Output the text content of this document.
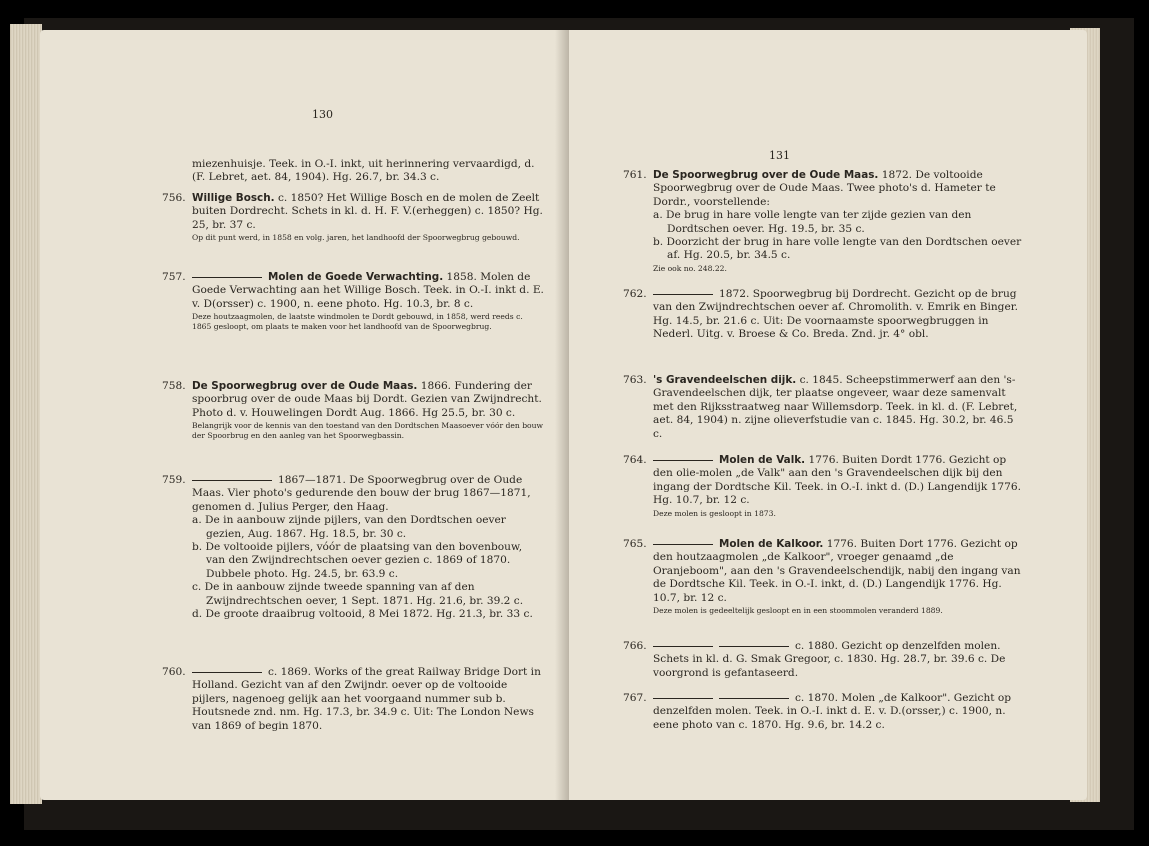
130
miezenhuisje. Teek. in O.-I. inkt, uit herinnering vervaardigd, d. (F. Lebret, aet. 84, 1904). Hg. 26.7, br. 34.3 c.
756. Willige Bosch. c. 1850? Het Willige Bosch en de molen de Zeelt buiten Dordrecht. Schets in kl. d. H. F. V.(erheggen) c. 1850? Hg. 25, br. 37 c.
Op dit punt werd, in 1858 en volg. jaren, het landhoofd der Spoorwegbrug gebouwd.
757.	Molen de Goede Verwachting. 1858. Molen de Goede Verwachting aan het Willige Bosch. Teek. in O.-I. inkt d. E. v. D(orsser) c. 1900, n. eene photo. Hg. 10.3, br. 8 c.
Deze houtzaagmolen, de laatste windmolen te Dordt gebouwd, in 1858, werd reeds c. 1865 gesloopt, om plaats te maken voor het landhoofd van de Spoorwegbrug.
758. De Spoorwegbrug over de Oude Maas. 1866. Fundering der spoorbrug over de oude Maas bij Dordt. Gezien van Zwijndrecht. Photo d. v. Houwelingen Dordt Aug. 1866. Hg 25.5, br. 30 c.
Belangrijk voor de kennis van den toestand van den Dordtschen Maasoever vóór den bouw der Spoorbrug en den aanleg van het Spoorwegbassin.
759.	1867—1871. De Spoorwegbrug over de Oude Maas. Vier photo's gedurende den bouw der brug 1867—1871, genomen d. Julius Perger, den Haag.
a. De in aanbouw zijnde pijlers, van den Dordtschen oever gezien, Aug. 1867. Hg. 18.5, br. 30 c.
b. De voltooide pijlers, vóór de plaatsing van den bovenbouw, van den Zwijndrechtschen oever gezien c. 1869 of 1870. Dubbele photo. Hg. 24.5, br. 63.9 c.
c. De in aanbouw zijnde tweede spanning van af den Zwijndrechtschen oever, 1 Sept. 1871. Hg. 21.6, br. 39.2 c.
d. De groote draaibrug voltooid, 8 Mei 1872. Hg. 21.3, br. 33 c.
760.	c. 1869. Works of the great Railway Bridge Dort in Holland. Gezicht van af den Zwijndr. oever op de voltooide pijlers, nagenoeg gelijk aan het voorgaand nummer sub b. Houtsnede znd. nm. Hg. 17.3, br. 34.9 c. Uit: The London News van 1869 of begin 1870.
131
761. De Spoorwegbrug over de Oude Maas. 1872. De voltooide Spoorwegbrug over de Oude Maas. Twee photo's d. Hameter te Dordr., voorstellende:
a. De brug in hare volle lengte van ter zijde gezien van den Dordtschen oever. Hg. 19.5, br. 35 c.
b. Doorzicht der brug in hare volle lengte van den Dordtschen oever af. Hg. 20.5, br. 34.5 c.
Zie ook no. 248.22.
762.	1872. Spoorwegbrug bij Dordrecht. Gezicht op de brug van den Zwijndrechtschen oever af. Chromolith. v. Emrik en Binger. Hg. 14.5, br. 21.6 c. Uit: De voornaamste spoorwegbruggen in Nederl. Uitg. v. Broese & Co. Breda. Znd. jr. 4° obl.
763. 's Gravendeelschen dijk. c. 1845. Scheepstimmerwerf aan den 's-Gravendeelschen dijk, ter plaatse ongeveer, waar deze samenvalt met den Rijksstraatweg naar Willemsdorp. Teek. in kl. d. (F. Lebret, aet. 84, 1904) n. zijne olieverfstudie van c. 1845. Hg. 30.2, br. 46.5 c.
764.	Molen de Valk. 1776. Buiten Dordt 1776. Gezicht op den olie-molen „de Valk" aan den 's Gravendeelschen dijk bij den ingang der Dordtsche Kil. Teek. in O.-I. inkt d. (D.) Langendijk 1776. Hg. 10.7, br. 12 c.
Deze molen is gesloopt in 1873.
765.	Molen de Kalkoor. 1776. Buiten Dort 1776. Gezicht op den houtzaagmolen „de Kalkoor", vroeger genaamd „de Oranjeboom", aan den 's Gravendeelschendijk, nabij den ingang van de Dordtsche Kil. Teek. in O.-I. inkt, d. (D.) Langendijk 1776. Hg. 10.7, br. 12 c.
Deze molen is gedeeltelijk gesloopt en in een stoommolen veranderd 1889.
766.	c. 1880. Gezicht op denzelfden molen. Schets in kl. d. G. Smak Gregoor, c. 1830. Hg. 28.7, br. 39.6 c. De voorgrond is gefantaseerd.
767.	c. 1870. Molen „de Kalkoor". Gezicht op denzelfden molen. Teek. in O.-I. inkt d. E. v. D.(orsser,) c. 1900, n. eene photo van c. 1870. Hg. 9.6, br. 14.2 c.
